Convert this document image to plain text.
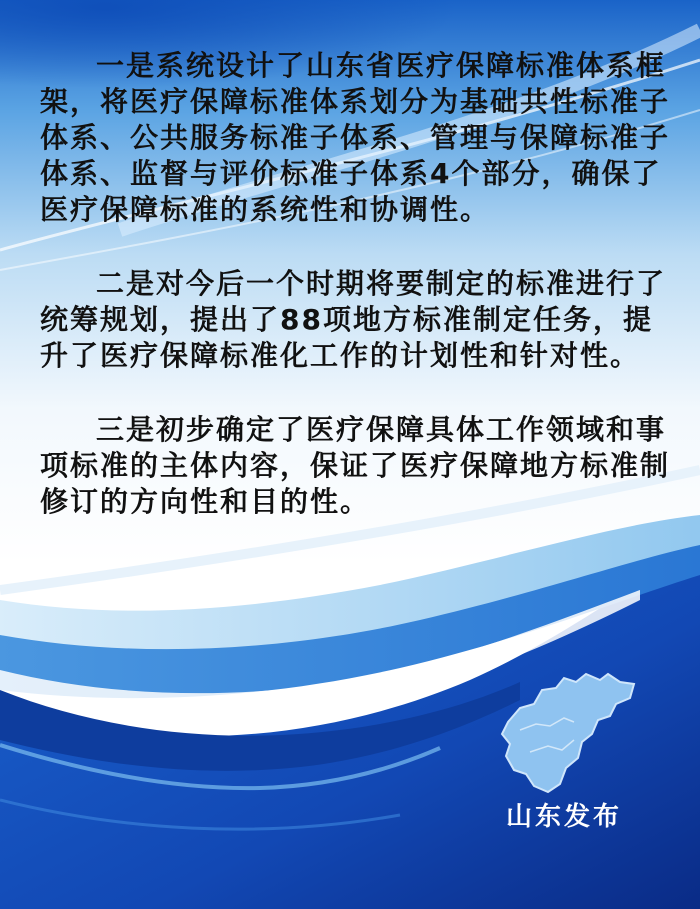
一是系统设计了山东省医疗保障标准体系框架，将医疗保障标准体系划分为基础共性标准子体系、公共服务标准子体系、管理与保障标准子体系、监督与评价标准子体系4个部分，确保了医疗保障标准的系统性和协调性。

二是对今后一个时期将要制定的标准进行了统筹规划，提出了88项地方标准制定任务，提升了医疗保障标准化工作的计划性和针对性。

三是初步确定了医疗保障具体工作领域和事项标准的主体内容，保证了医疗保障地方标准制修订的方向性和目的性。

山东发布
